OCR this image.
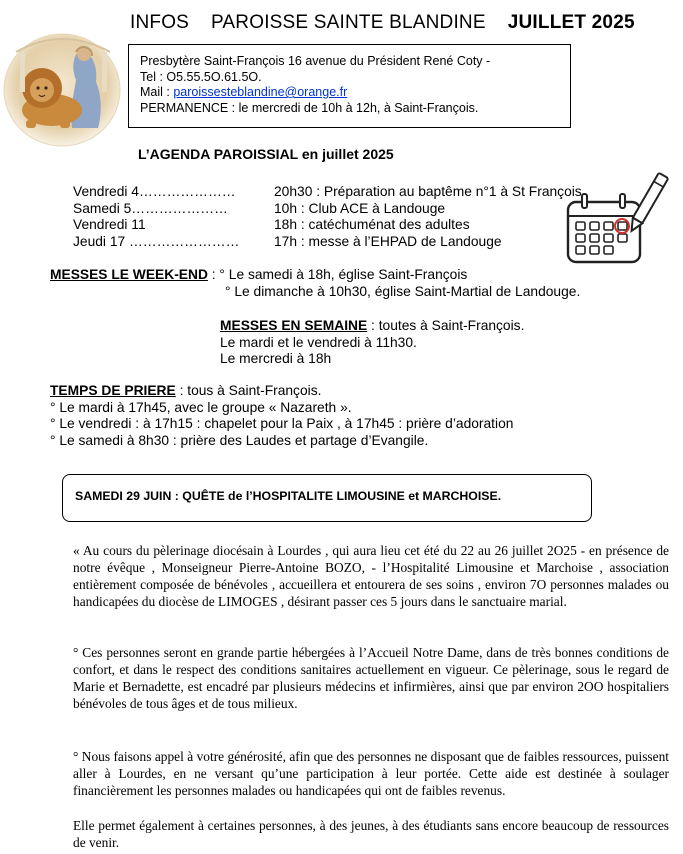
INFOS    PAROISSE SAINTE BLANDINE JUILLET 2025
Presbytère Saint-François 16 avenue du Président René Coty -
Tel : O5.55.5O.61.5O.
Mail : paroissesteblandine@orange.fr
PERMANENCE : le mercredi de 10h à 12h, à Saint-François.
L’AGENDA PAROISSIAL en juillet 2025
Vendredi 4…………………
Samedi 5…………………
Vendredi 11
Jeudi 17 ……………………
20h30 : Préparation au baptême n°1 à St François
10h : Club ACE à Landouge
18h : catéchuménat des adultes
17h : messe à l’EHPAD de Landouge
MESSES LE WEEK-END : ° Le samedi à 18h, église Saint-François
° Le dimanche à 10h30, église Saint-Martial de Landouge.
MESSES EN SEMAINE : toutes à Saint-François.
Le mardi et le vendredi à 11h30.
Le mercredi à 18h
TEMPS DE PRIERE : tous à Saint-François.
° Le mardi à 17h45, avec le groupe « Nazareth ».
° Le vendredi : à 17h15 : chapelet pour la Paix , à 17h45 : prière d’adoration
° Le samedi à 8h30 : prière des Laudes et partage d’Evangile.
SAMEDI 29 JUIN : QUÊTE de l’HOSPITALITE LIMOUSINE et MARCHOISE.
« Au cours du pèlerinage diocésain à Lourdes , qui aura lieu cet été du 22 au 26 juillet 2O25 - en présence de notre évêque , Monseigneur Pierre-Antoine BOZO, - l’Hospitalité Limousine et Marchoise , association entièrement composée de bénévoles , accueillera et entourera de ses soins , environ 7O personnes malades ou handicapées du diocèse de LIMOGES , désirant passer ces 5 jours dans le sanctuaire marial.
° Ces personnes seront en grande partie hébergées à l’Accueil Notre Dame, dans de très bonnes conditions de confort, et dans le respect des conditions sanitaires actuellement en vigueur. Ce pèlerinage, sous le regard de Marie et Bernadette, est encadré par plusieurs médecins et infirmières, ainsi que par environ 2OO hospitaliers bénévoles de tous âges et de tous milieux.
° Nous faisons appel à votre générosité, afin que des personnes ne disposant que de faibles ressources, puissent aller à Lourdes, en ne versant qu’une participation à leur portée. Cette aide est destinée à soulager financièrement les personnes malades ou handicapées qui ont de faibles revenus.
Elle permet également à certaines personnes, à des jeunes, à des étudiants sans encore beaucoup de ressources de venir.
